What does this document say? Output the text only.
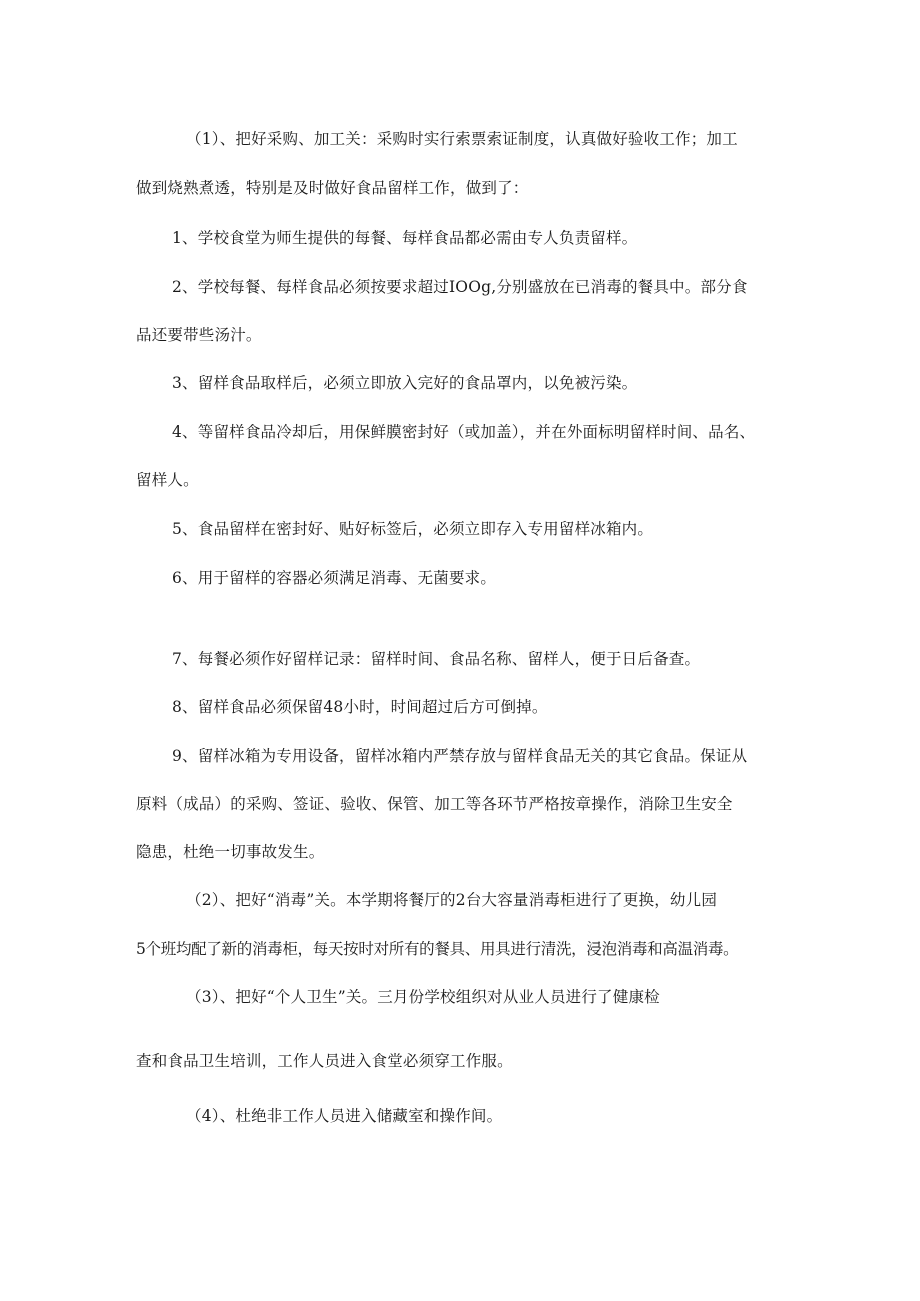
（1）、把好采购、加工关：采购时实行索票索证制度，认真做好验收工作；加工
做到烧熟煮透，特别是及时做好食品留样工作，做到了：
1、学校食堂为师生提供的每餐、每样食品都必需由专人负责留样。
2、学校每餐、每样食品必须按要求超过IOOg,分别盛放在已消毒的餐具中。部分食
品还要带些汤汁。
3、留样食品取样后，必须立即放入完好的食品罩内，以免被污染。
4、等留样食品冷却后，用保鲜膜密封好（或加盖），并在外面标明留样时间、品名、
留样人。
5、食品留样在密封好、贴好标签后，必须立即存入专用留样冰箱内。
6、用于留样的容器必须满足消毒、无菌要求。
7、每餐必须作好留样记录：留样时间、食品名称、留样人，便于日后备查。
8、留样食品必须保留48小时，时间超过后方可倒掉。
9、留样冰箱为专用设备，留样冰箱内严禁存放与留样食品无关的其它食品。保证从
原料（成品）的采购、签证、验收、保管、加工等各环节严格按章操作，消除卫生安全
隐患，杜绝一切事故发生。
（2）、把好“消毒”关。本学期将餐厅的2台大容量消毒柜进行了更换，幼儿园
5个班均配了新的消毒柜，每天按时对所有的餐具、用具进行清洗，浸泡消毒和高温消毒。
（3）、把好“个人卫生”关。三月份学校组织对从业人员进行了健康检
查和食品卫生培训，工作人员进入食堂必须穿工作服。
（4）、杜绝非工作人员进入储藏室和操作间。
